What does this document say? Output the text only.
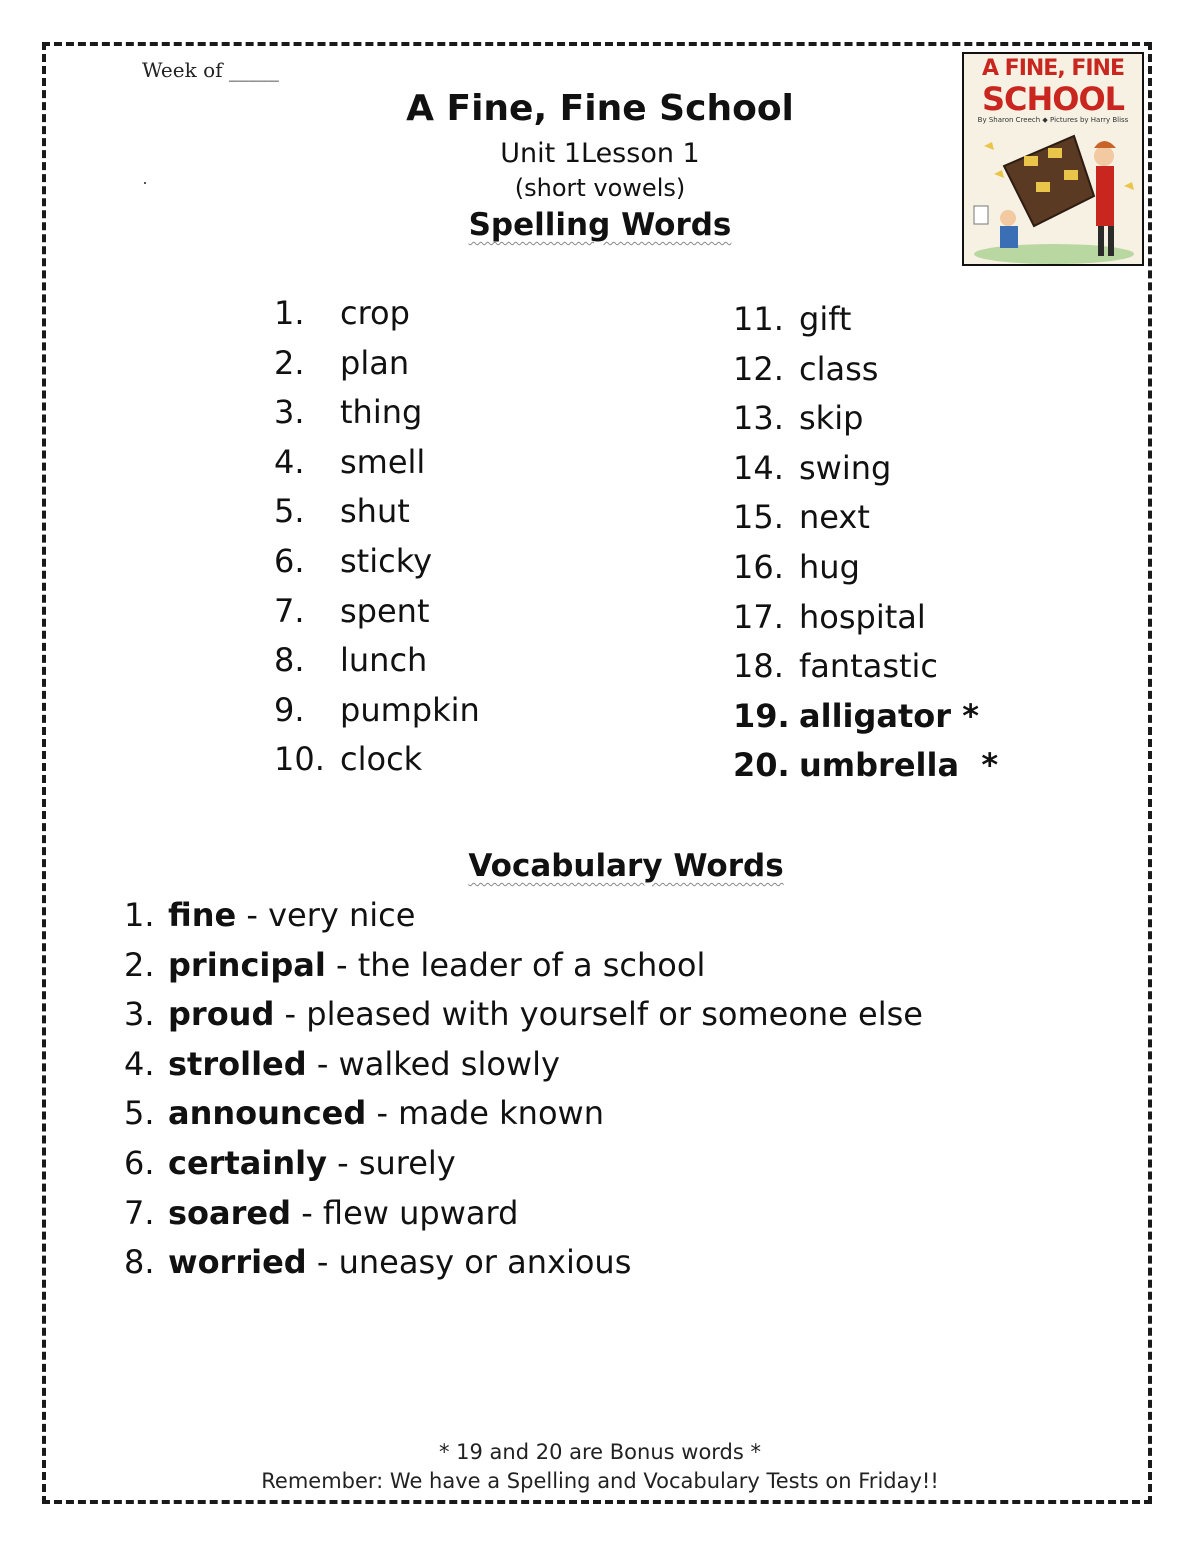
Week of _____
A Fine, Fine School
Unit 1Lesson 1
(short vowels)
Spelling Words
A FINE, FINE
SCHOOL
By Sharon Creech ◆ Pictures by Harry Bliss
1. crop
2. plan
3. thing
4. smell
5. shut
6. sticky
7. spent
8. lunch
9. pumpkin
10. clock
11. gift
12. class
13. skip
14. swing
15. next
16. hug
17. hospital
18. fantastic
19. alligator *
20. umbrella  *
Vocabulary Words
1. fine - very nice
2. principal - the leader of a school
3. proud - pleased with yourself or someone else
4. strolled - walked slowly
5. announced - made known
6. certainly - surely
7. soared - flew upward
8. worried - uneasy or anxious
* 19 and 20 are Bonus words *
Remember: We have a Spelling and Vocabulary Tests on Friday!!
